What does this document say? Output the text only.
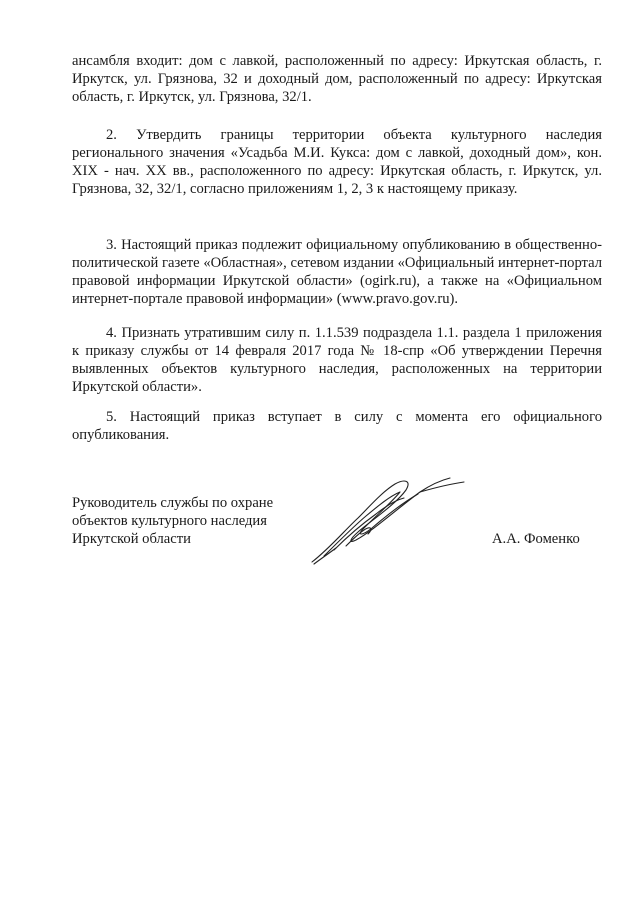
ансамбля входит: дом с лавкой, расположенный по адресу: Иркутская область, г. Иркутск, ул. Грязнова, 32 и доходный дом, расположенный по адресу: Иркутская область, г. Иркутск, ул. Грязнова, 32/1.

2. Утвердить границы территории объекта культурного наследия регионального значения «Усадьба М.И. Кукса: дом с лавкой, доходный дом», кон. XIX - нач. XX вв., расположенного по адресу: Иркутская область, г. Иркутск, ул. Грязнова, 32, 32/1, согласно приложениям 1, 2, 3 к настоящему приказу.

3. Настоящий приказ подлежит официальному опубликованию в общественно-политической газете «Областная», сетевом издании «Официальный интернет-портал правовой информации Иркутской области» (ogirk.ru), а также на «Официальном интернет-портале правовой информации» (www.pravo.gov.ru).

4. Признать утратившим силу п. 1.1.539 подраздела 1.1. раздела 1 приложения к приказу службы от 14 февраля 2017 года № 18-спр «Об утверждении Перечня выявленных объектов культурного наследия, расположенных на территории Иркутской области».

5. Настоящий приказ вступает в силу с момента его официального опубликования.

Руководитель службы по охране
объектов культурного наследия
Иркутской области	А.А. Фоменко
